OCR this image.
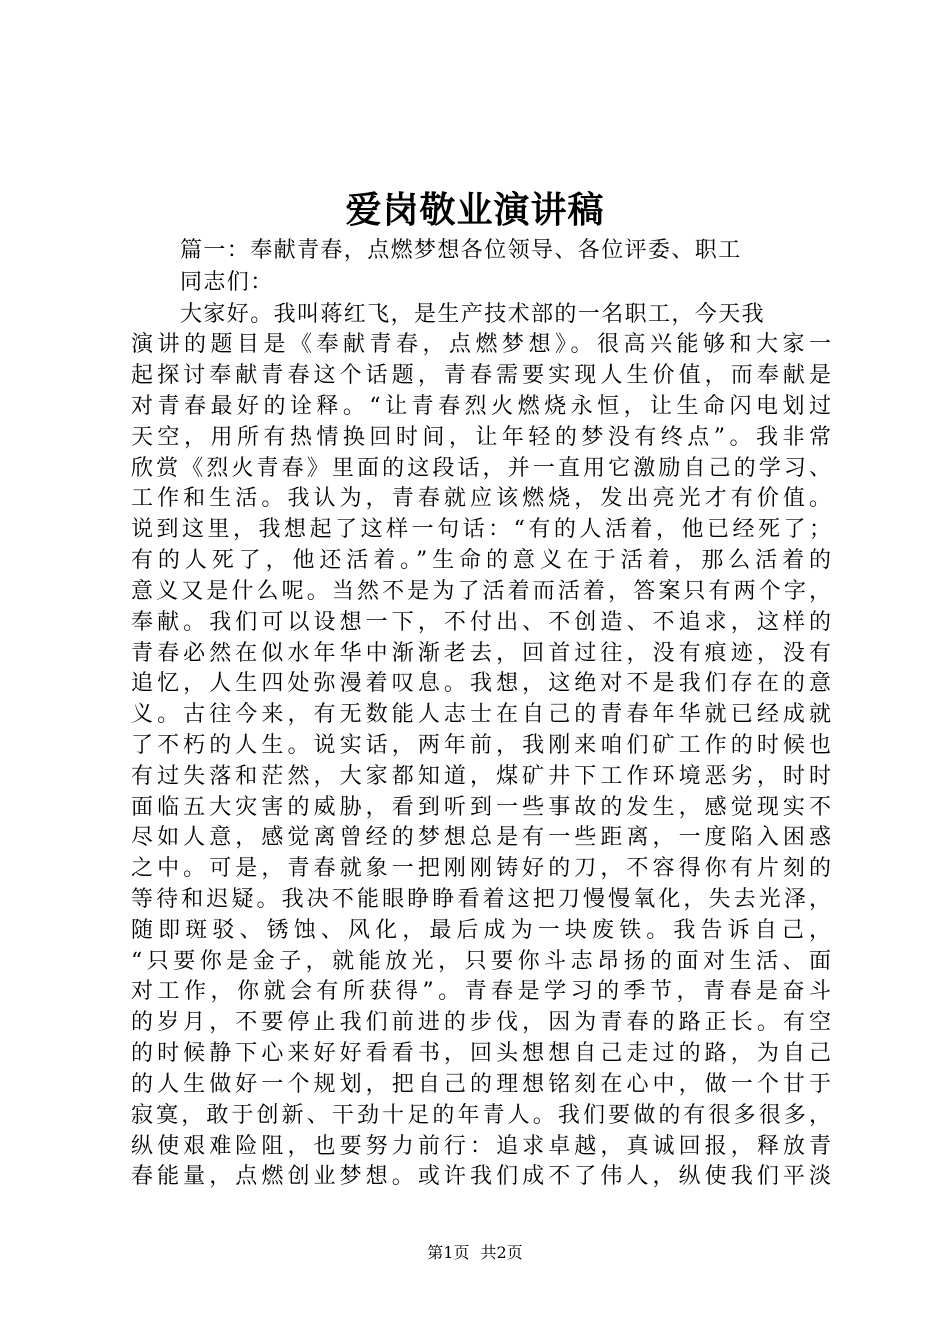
爱岗敬业演讲稿
篇一：奉献青春，点燃梦想各位领导、各位评委、职工
同志们：
大家好。我叫蒋红飞，是生产技术部的一名职工，今天我
演讲的题目是《奉献青春，点燃梦想》。很高兴能够和大家一
起探讨奉献青春这个话题，青春需要实现人生价值，而奉献是
对青春最好的诠释。“让青春烈火燃烧永恒，让生命闪电划过
天空，用所有热情换回时间，让年轻的梦没有终点”。我非常
欣赏《烈火青春》里面的这段话，并一直用它激励自己的学习、
工作和生活。我认为，青春就应该燃烧，发出亮光才有价值。
说到这里，我想起了这样一句话：“有的人活着，他已经死了；
有的人死了，他还活着。”生命的意义在于活着，那么活着的
意义又是什么呢。当然不是为了活着而活着，答案只有两个字，
奉献。我们可以设想一下，不付出、不创造、不追求，这样的
青春必然在似水年华中渐渐老去，回首过往，没有痕迹，没有
追忆，人生四处弥漫着叹息。我想，这绝对不是我们存在的意
义。古往今来，有无数能人志士在自己的青春年华就已经成就
了不朽的人生。说实话，两年前，我刚来咱们矿工作的时候也
有过失落和茫然，大家都知道，煤矿井下工作环境恶劣，时时
面临五大灾害的威胁，看到听到一些事故的发生，感觉现实不
尽如人意，感觉离曾经的梦想总是有一些距离，一度陷入困惑
之中。可是，青春就象一把刚刚铸好的刀，不容得你有片刻的
等待和迟疑。我决不能眼睁睁看着这把刀慢慢氧化，失去光泽，
随即斑驳、锈蚀、风化，最后成为一块废铁。我告诉自己，
“只要你是金子，就能放光，只要你斗志昂扬的面对生活、面
对工作，你就会有所获得”。青春是学习的季节，青春是奋斗
的岁月，不要停止我们前进的步伐，因为青春的路正长。有空
的时候静下心来好好看看书，回头想想自己走过的路，为自己
的人生做好一个规划，把自己的理想铭刻在心中，做一个甘于
寂寞，敢于创新、干劲十足的年青人。我们要做的有很多很多，
纵使艰难险阻，也要努力前行：追求卓越，真诚回报，释放青
春能量，点燃创业梦想。或许我们成不了伟人，纵使我们平淡
第1页 共2页
